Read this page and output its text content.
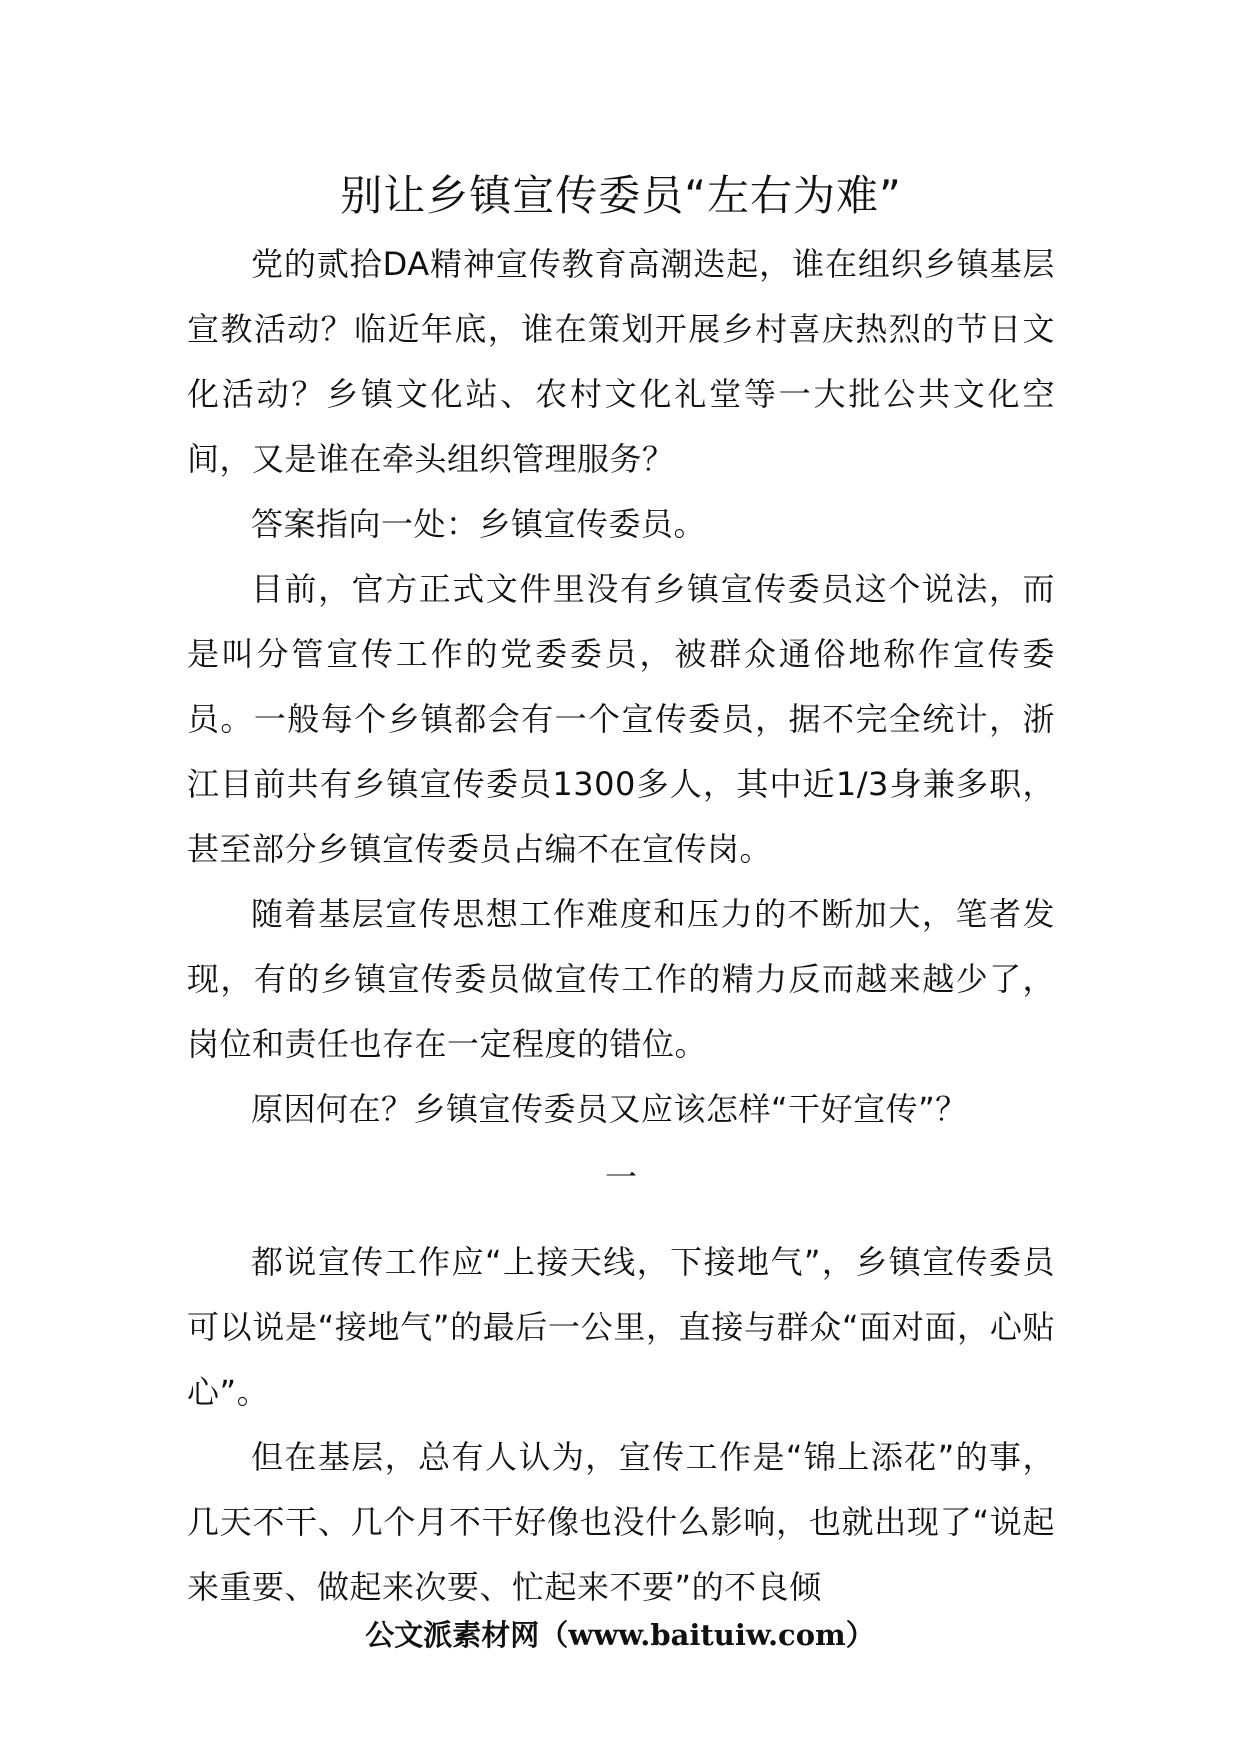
别让乡镇宣传委员“左右为难”

党的贰拾DA精神宣传教育高潮迭起，谁在组织乡镇基层宣教活动？临近年底，谁在策划开展乡村喜庆热烈的节日文化活动？乡镇文化站、农村文化礼堂等一大批公共文化空间，又是谁在牵头组织管理服务？

答案指向一处：乡镇宣传委员。

目前，官方正式文件里没有乡镇宣传委员这个说法，而是叫分管宣传工作的党委委员，被群众通俗地称作宣传委员。一般每个乡镇都会有一个宣传委员，据不完全统计，浙江目前共有乡镇宣传委员1300多人，其中近1/3身兼多职，甚至部分乡镇宣传委员占编不在宣传岗。

随着基层宣传思想工作难度和压力的不断加大，笔者发现，有的乡镇宣传委员做宣传工作的精力反而越来越少了，岗位和责任也存在一定程度的错位。

原因何在？乡镇宣传委员又应该怎样“干好宣传”？

一

都说宣传工作应“上接天线，下接地气”，乡镇宣传委员可以说是“接地气”的最后一公里，直接与群众“面对面，心贴心”。

但在基层，总有人认为，宣传工作是“锦上添花”的事，几天不干、几个月不干好像也没什么影响，也就出现了“说起来重要、做起来次要、忙起来不要”的不良倾

公文派素材网（www.baituiw.com）
